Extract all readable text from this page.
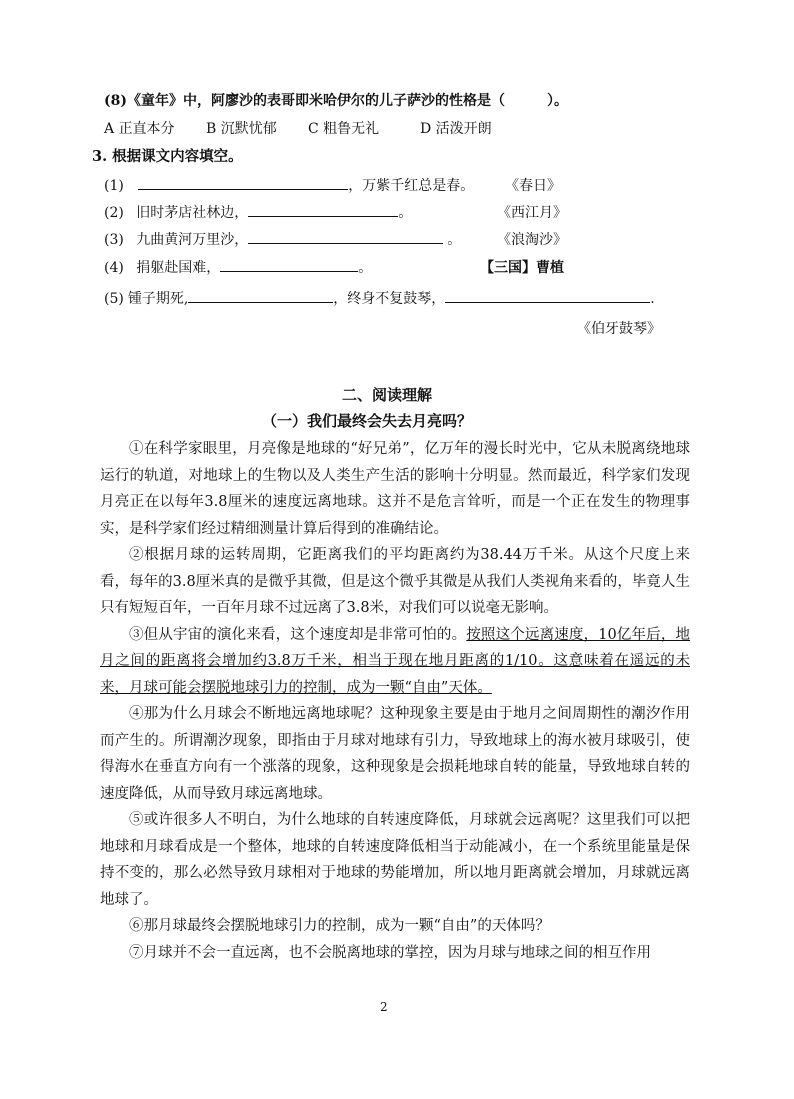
(8)《童年》中，阿廖沙的表哥即米哈伊尔的儿子萨沙的性格是（　　　）。
A 正直本分 B 沉默忧郁 C 粗鲁无礼	D 活泼开朗
3. 根据课文内容填空。
(1)	，万紫千红总是春。 《春日》
(2) 旧时茅店社林边，	。	《西江月》
(3) 九曲黄河万里沙，	。	《浪淘沙》
(4) 捐躯赴国难，	。	【三国】曹植
(5) 锺子期死,	，终身不复鼓琴，	.
《伯牙鼓琴》
二、阅读理解
（一）我们最终会失去月亮吗？

①在科学家眼里，月亮像是地球的“好兄弟”，亿万年的漫长时光中，它从未脱离绕地球运行的轨道，对地球上的生物以及人类生产生活的影响十分明显。然而最近，科学家们发现月亮正在以每年3.8厘米的速度远离地球。这并不是危言耸听，而是一个正在发生的物理事实，是科学家们经过精细测量计算后得到的准确结论。

②根据月球的运转周期，它距离我们的平均距离约为38.44万千米。从这个尺度上来看，每年的3.8厘米真的是微乎其微，但是这个微乎其微是从我们人类视角来看的，毕竟人生只有短短百年，一百年月球不过远离了3.8米，对我们可以说毫无影响。

③但从宇宙的演化来看，这个速度却是非常可怕的。按照这个远离速度，10亿年后，地月之间的距离将会增加约3.8万千米，相当于现在地月距离的1/10。这意味着在遥远的未来，月球可能会摆脱地球引力的控制，成为一颗“自由”天体。

④那为什么月球会不断地远离地球呢？这种现象主要是由于地月之间周期性的潮汐作用而产生的。所谓潮汐现象，即指由于月球对地球有引力，导致地球上的海水被月球吸引，使得海水在垂直方向有一个涨落的现象，这种现象是会损耗地球自转的能量，导致地球自转的速度降低，从而导致月球远离地球。

⑤或许很多人不明白，为什么地球的自转速度降低，月球就会远离呢？这里我们可以把地球和月球看成是一个整体，地球的自转速度降低相当于动能减小，在一个系统里能量是保持不变的，那么必然导致月球相对于地球的势能增加，所以地月距离就会增加，月球就远离地球了。

⑥那月球最终会摆脱地球引力的控制，成为一颗“自由”的天体吗？

⑦月球并不会一直远离，也不会脱离地球的掌控，因为月球与地球之间的相互作用

2
